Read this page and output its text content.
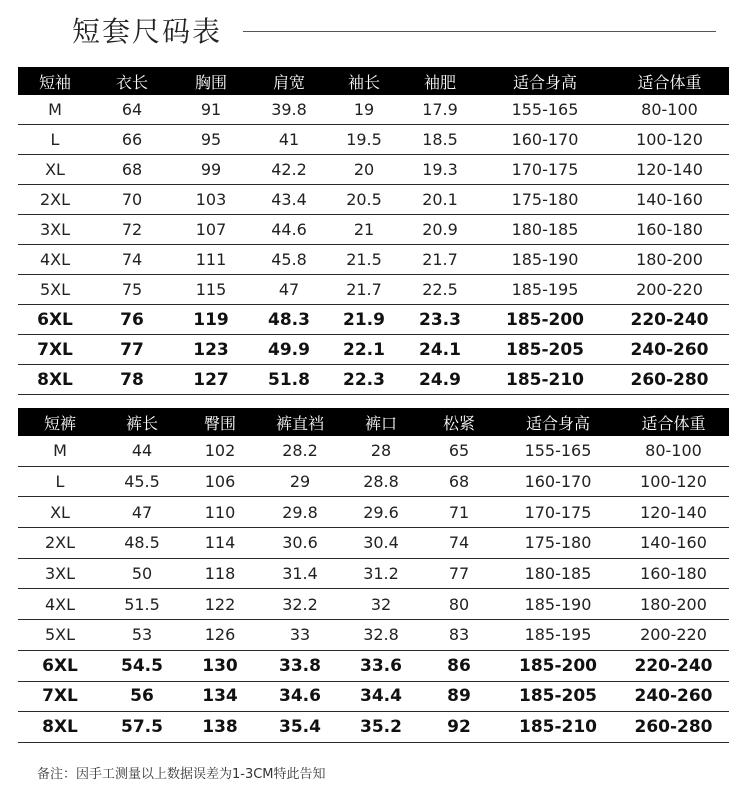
短套尺码表
短袖	衣长	胸围	肩宽	袖长	袖肥	适合身高	适合体重
M	64	91	39.8	19	17.9	155-165	80-100
L	66	95	41	19.5	18.5	160-170	100-120
XL	68	99	42.2	20	19.3	170-175	120-140
2XL	70	103	43.4	20.5	20.1	175-180	140-160
3XL	72	107	44.6	21	20.9	180-185	160-180
4XL	74	111	45.8	21.5	21.7	185-190	180-200
5XL	75	115	47	21.7	22.5	185-195	200-220
6XL	76	119	48.3	21.9	23.3	185-200	220-240
7XL	77	123	49.9	22.1	24.1	185-205	240-260
8XL	78	127	51.8	22.3	24.9	185-210	260-280
短裤	裤长	臀围	裤直裆	裤口	松紧	适合身高	适合体重
M	44	102	28.2	28	65	155-165	80-100
L	45.5	106	29	28.8	68	160-170	100-120
XL	47	110	29.8	29.6	71	170-175	120-140
2XL	48.5	114	30.6	30.4	74	175-180	140-160
3XL	50	118	31.4	31.2	77	180-185	160-180
4XL	51.5	122	32.2	32	80	185-190	180-200
5XL	53	126	33	32.8	83	185-195	200-220
6XL	54.5	130	33.8	33.6	86	185-200	220-240
7XL	56	134	34.6	34.4	89	185-205	240-260
8XL	57.5	138	35.4	35.2	92	185-210	260-280
备注：因手工测量以上数据误差为1-3CM特此告知
